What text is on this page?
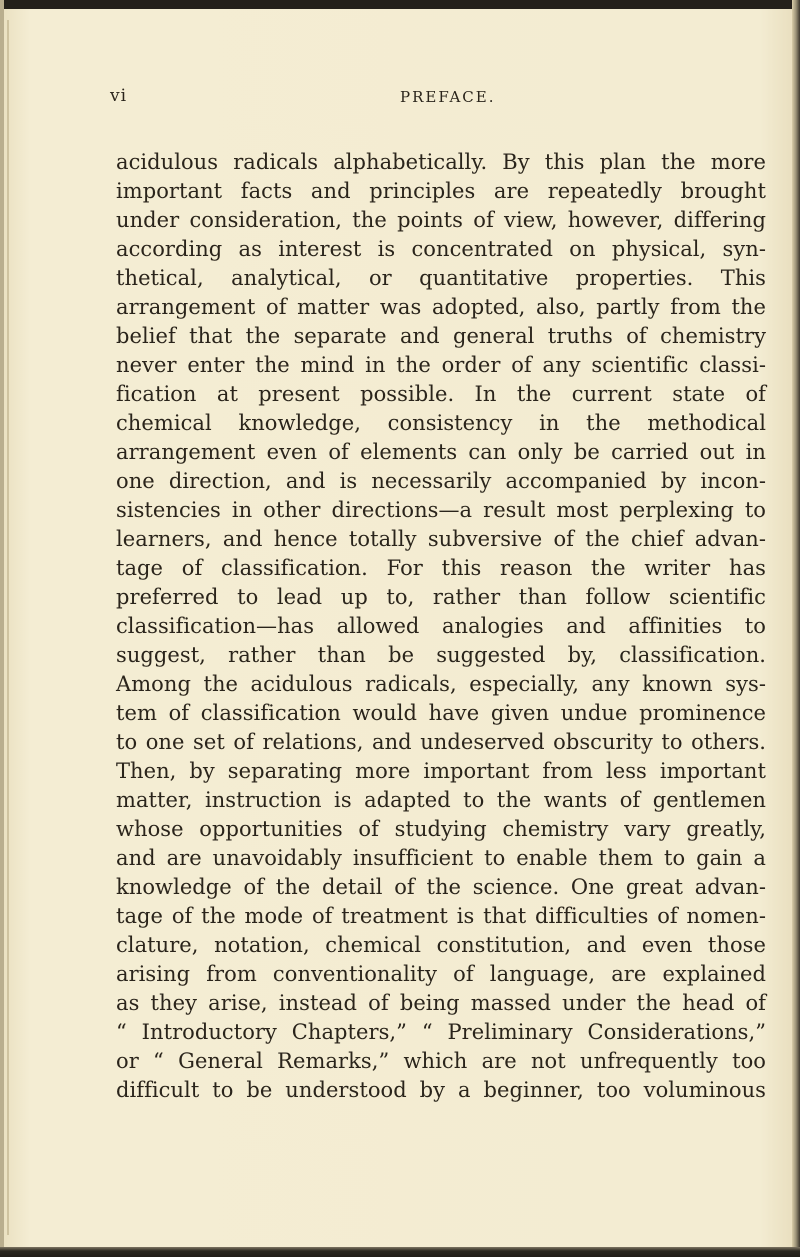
vi	PREFACE.
acidulous radicals alphabetically. By this plan the more
important facts and principles are repeatedly brought
under consideration, the points of view, however, differing
according as interest is concentrated on physical, syn-
thetical, analytical, or quantitative properties. This
arrangement of matter was adopted, also, partly from the
belief that the separate and general truths of chemistry
never enter the mind in the order of any scientific classi-
fication at present possible. In the current state of
chemical knowledge, consistency in the methodical
arrangement even of elements can only be carried out in
one direction, and is necessarily accompanied by incon-
sistencies in other directions—a result most perplexing to
learners, and hence totally subversive of the chief advan-
tage of classification. For this reason the writer has
preferred to lead up to, rather than follow scientific
classification—has allowed analogies and affinities to
suggest, rather than be suggested by, classification.
Among the acidulous radicals, especially, any known sys-
tem of classification would have given undue prominence
to one set of relations, and undeserved obscurity to others.
Then, by separating more important from less important
matter, instruction is adapted to the wants of gentlemen
whose opportunities of studying chemistry vary greatly,
and are unavoidably insufficient to enable them to gain a
knowledge of the detail of the science. One great advan-
tage of the mode of treatment is that difficulties of nomen-
clature, notation, chemical constitution, and even those
arising from conventionality of language, are explained
as they arise, instead of being massed under the head of
“ Introductory Chapters,” “ Preliminary Considerations,”
or “ General Remarks,” which are not unfrequently too
difficult to be understood by a beginner, too voluminous
